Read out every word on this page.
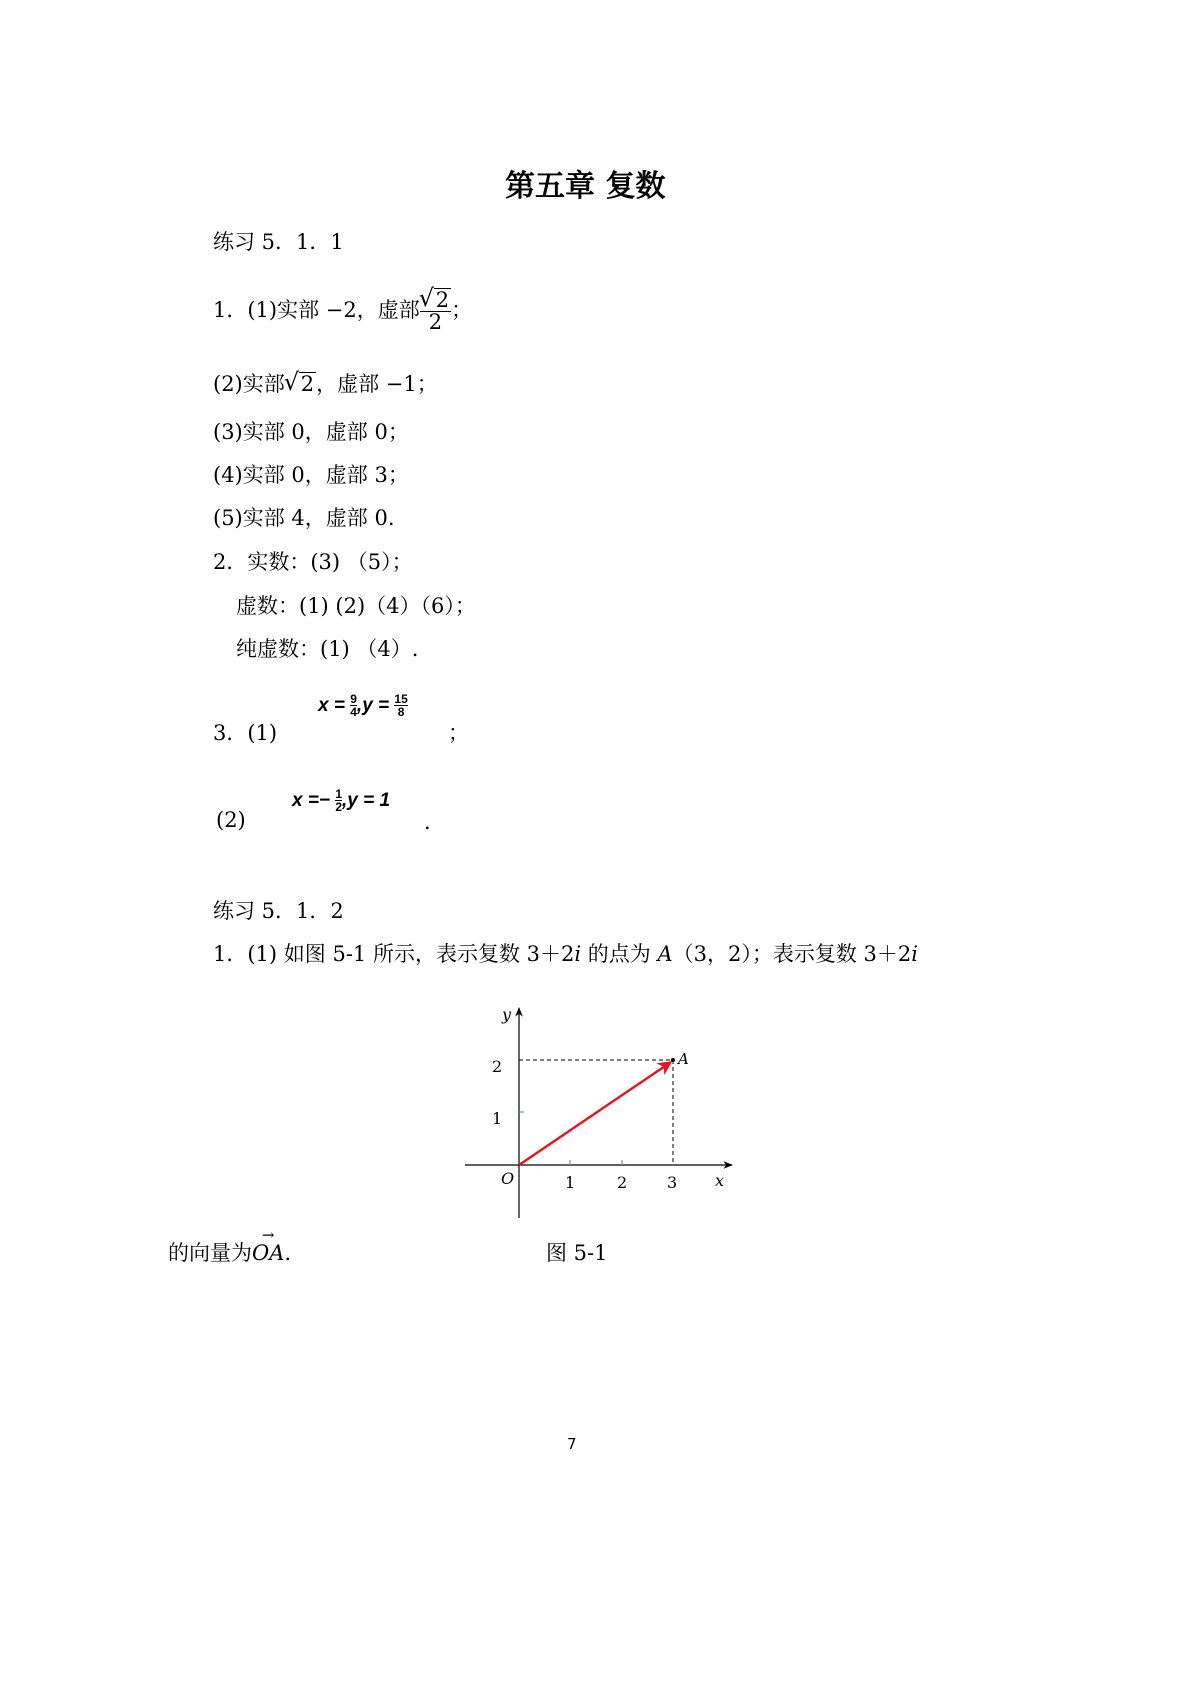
第五章 复数
练习 5．1．1
1．(1)实部 −2，虚部 √ $\frac{2}{2}$ ；
(2)实部 √ 2，虚部 −1；
(3)实部 0，虚部 0；
(4)实部 0，虚部 3；
(5)实部 4，虚部 0.
2．实数：(3) （5）；
虚数：(1) (2)（4）（6）；
纯虚数：(1) （4）.
3．(1)
$x = \frac{9}{4} ,y = \frac{15}{8}$
；
(2)
$x =- \frac{1}{2} ,y = 1$
.
练习 5．1．2
1．(1) 如图 5-1 所示，表示复数 3＋2i 的点为 A（3，2）；表示复数 3＋2i
y
x
O	1	2 3
1
2	A
的向量为→ OA.	图 5-1
7
